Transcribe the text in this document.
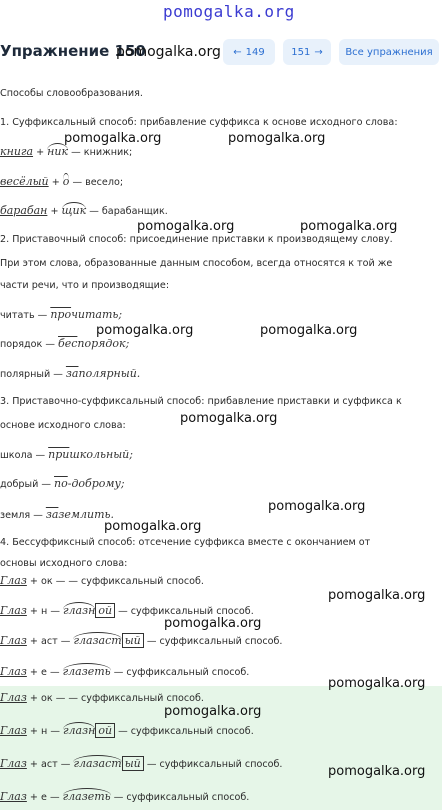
pomogalka.org
Упражнение 150
pomogalka.org ← 149	151 → Все упражнения
Способы словообразования.
1. Суффиксальный способ: прибавление суффикса к основе исходного слова:
pomogalka.org	pomogalka.org
книга + ник — книжник;
весёлый + о — весело;
барабан + щик — барабанщик.
pomogalka.org	pomogalka.org
2. Приставочный способ: присоединение приставки к производящему слову.
При этом слова, образованные данным способом, всегда относятся к той же
части речи, что и производящие:
читать — прочитать;
pomogalka.org	pomogalka.org
порядок — беспорядок;
полярный — заполярный.
3. Приставочно-суффиксальный способ: прибавление приставки и суффикса к
pomogalka.org
основе исходного слова:
школа — пришкольный;
добрый — по-доброму;
pomogalka.org
земля — заземлить.
pomogalka.org
4. Бессуффиксный способ: отсечение суффикса вместе с окончанием от
основы исходного слова:
Глаз + ок — — суффиксальный способ.
pomogalka.org
Глаз + н — глазн ой — суффиксальный способ.
pomogalka.org
Глаз + аст — глазаст ый — суффиксальный способ.
Глаз + е — глазеть — суффиксальный способ.
pomogalka.org
Глаз + ок — — суффиксальный способ.
pomogalka.org
Глаз + н — глазн ой — суффиксальный способ.
Глаз + аст — глазаст ый — суффиксальный способ.	pomogalka.org
Глаз + е — глазеть — суффиксальный способ.
